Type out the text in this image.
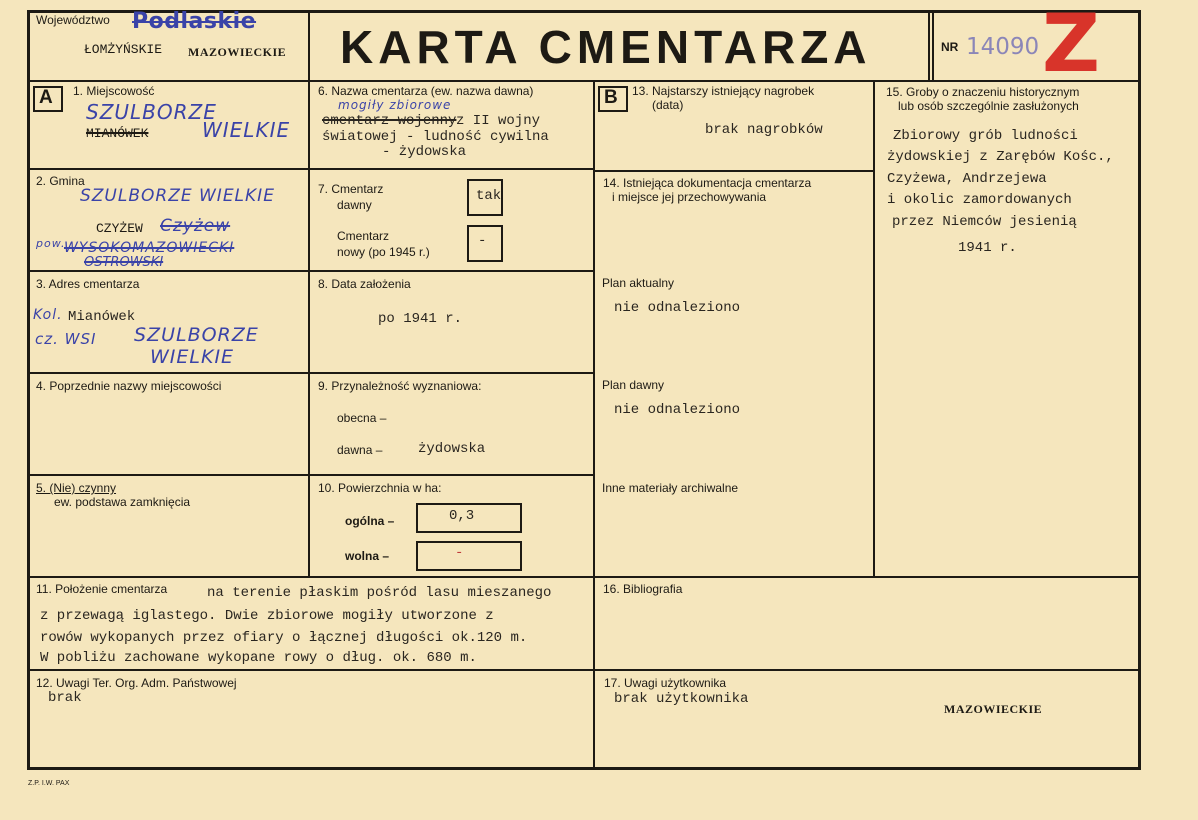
Województwo Podlaskie
ŁOMŻYŃSKIE MAZOWIECKIE KARTA CMENTARZA	NR 14090 Z
A	B
1. Miejscowość
SZULBORZE
MIANÓWEK	WIELKIE
2. Gmina
SZULBORZE WIELKIE
CZYŻEW Czyżew
pow.
WYSOKOMAZOWIECKI
OSTROWSKI
3. Adres cmentarza
Kol. Mianówek
cz. WSI SZULBORZE
WIELKIE
4. Poprzednie nazwy miejscowości
5. (Nie) czynny
ew. podstawa zamknięcia
6. Nazwa cmentarza (ew. nazwa dawna)
mogiły zbiorowe
cmentarz wojenny z II wojny
światowej - ludność cywilna
- żydowska
7. Cmentarz
dawny
tak
Cmentarz
nowy (po 1945 r.)
-
8. Data założenia
po 1941 r.
9. Przynależność wyznaniowa:
obecna –
dawna –	żydowska
10. Powierzchnia w ha:
ogólna –	0,3
wolna –	-
11. Położenie cmentarza	na terenie płaskim pośród lasu mieszanego
z przewagą iglastego. Dwie zbiorowe mogiły utworzone z
rowów wykopanych przez ofiary o łącznej długości ok.120 m.
W pobliżu zachowane wykopane rowy o dług. ok. 680 m.
12. Uwagi Ter. Org. Adm. Państwowej
brak
13. Najstarszy istniejący nagrobek
(data)
brak nagrobków
14. Istniejąca dokumentacja cmentarza
i miejsce jej przechowywania
Plan aktualny
nie odnaleziono
Plan dawny
nie odnaleziono
Inne materiały archiwalne
15. Groby o znaczeniu historycznym
lub osób szczególnie zasłużonych
Zbiorowy grób ludności
żydowskiej z Zarębów Kośc.,
Czyżewa, Andrzejewa
i okolic zamordowanych
przez Niemców jesienią
1941 r.
16. Bibliografia
17. Uwagi użytkownika
brak użytkownika
MAZOWIECKIE
Z.P. I.W. PAX
